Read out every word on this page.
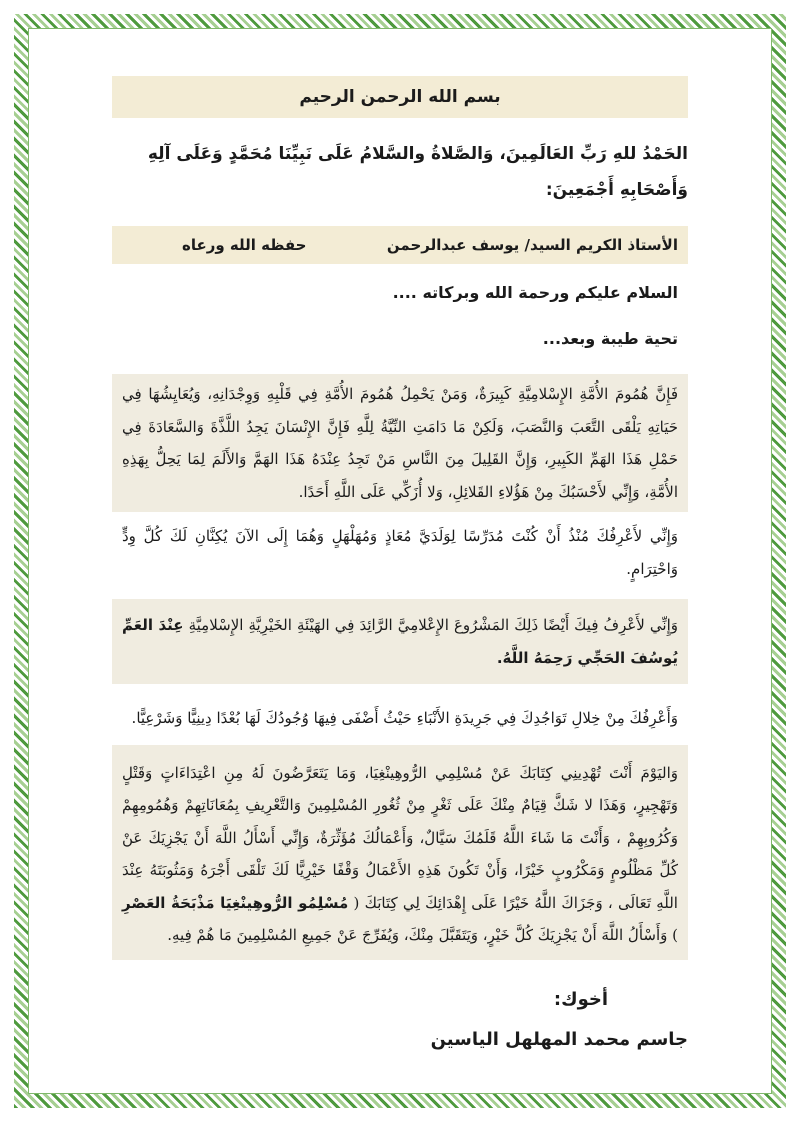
بسم الله الرحمن الرحيم
الحَمْدُ للهِ رَبِّ العَالَمِينَ، وَالصَّلاةُ والسَّلامُ عَلَى نَبِيِّنَا مُحَمَّدٍ وَعَلَى آلِهِ وَأَصْحَابِهِ أَجْمَعِينَ:
الأستاذ الكريم السيد/ يوسف عبدالرحمن
حفظه الله ورعاه
السلام عليكم ورحمة الله وبركاته ....
تحية طيبة وبعد...
فَإِنَّ هُمُومَ الأُمَّةِ الإِسْلامِيَّةِ كَبِيرَةٌ، وَمَنْ يَحْمِلُ هُمُومَ الأُمَّةِ فِي قَلْبِهِ وَوِجْدَانِهِ، وَيُعَايِشُهَا فِي حَيَاتِهِ يَلْقَى التَّعَبَ وَالنَّصَبَ، وَلَكِنْ مَا دَامَتِ النِّيَّةُ لِلَّهِ فَإِنَّ الإِنْسَانَ يَجِدُ اللَّذَّةَ وَالسَّعَادَةَ فِي حَمْلِ هَذَا الهَمِّ الكَبِيرِ، وَإِنَّ القَلِيلَ مِنَ النَّاسِ مَنْ تَجِدُ عِنْدَهُ هَذَا الهَمَّ وَالأَلَمَ لِمَا يَحِلُّ بِهَذِهِ الأُمَّةِ، وَإِنِّي لأَحْسَبُكَ مِنْ هَؤُلاءِ القَلائِلِ، وَلا أُزَكِّي عَلَى اللَّهِ أَحَدًا.
وَإِنِّي لأَعْرِفُكَ مُنْذُ أَنْ كُنْتَ مُدَرِّسًا لِوَلَدَيَّ مُعَاذٍ وَمُهَلْهَلٍ وَهُمَا إِلَى الآنَ يُكِنَّانِ لَكَ كُلَّ وِدٍّ وَاحْتِرَامٍ.
وَإِنِّي لأَعْرِفُ فِيكَ أَيْضًا ذَلِكَ المَشْرُوعَ الإِعْلامِيَّ الرَّائِدَ فِي الهَيْئَةِ الخَيْرِيَّةِ الإِسْلامِيَّةِ عِنْدَ العَمِّ يُوسُفَ الحَجِّي رَحِمَهُ اللَّهُ.
وَأَعْرِفُكَ مِنْ خِلالِ تَوَاجُدِكَ فِي جَرِيدَةِ الأَنْبَاءِ حَيْثُ أَضْفَى فِيهَا وُجُودُكَ لَهَا بُعْدًا دِينِيًّا وَشَرْعِيًّا.
وَاليَوْمَ أَنْتَ تُهْدِينِي كِتَابَكَ عَنْ مُسْلِمِي الرُّوهِينْغِيَا، وَمَا يَتَعَرَّضُونَ لَهُ مِنِ اعْتِدَاءَاتٍ وَقَتْلٍ وَتَهْجِيرٍ، وَهَذَا لا شَكَّ قِيَامٌ مِنْكَ عَلَى ثَغْرٍ مِنْ ثُغُورِ المُسْلِمِينَ وَالتَّعْرِيفِ بِمُعَانَاتِهِمْ وَهُمُومِهِمْ وَكُرُوبِهِمْ ، وَأَنْتَ مَا شَاءَ اللَّهُ قَلَمُكَ سَيَّالٌ، وَأَعْمَالُكَ مُؤَثِّرَةٌ، وَإِنِّي أَسْأَلُ اللَّهَ أَنْ يَجْزِيَكَ عَنْ كُلِّ مَظْلُومٍ وَمَكْرُوبٍ خَيْرًا، وَأَنْ تَكُونَ هَذِهِ الأَعْمَالُ وَقْفًا خَيْرِيًّا لَكَ تَلْقَى أَجْرَهُ وَمَثُوبَتَهُ عِنْدَ اللَّهِ تَعَالَى ، وَجَزَاكَ اللَّهُ خَيْرًا عَلَى إِهْدَائِكَ لِي كِتَابَكَ ( مُسْلِمُو الرُّوهِينْغِيَا مَذْبَحَةُ العَصْرِ ) وَأَسْأَلُ اللَّهَ أَنْ يَجْزِيَكَ كُلَّ خَيْرٍ، وَيَتَقَبَّلَ مِنْكَ، وَيُفَرِّجَ عَنْ جَمِيعِ المُسْلِمِينَ مَا هُمْ فِيهِ.
أخوك:
جاسم محمد المهلهل الياسين
